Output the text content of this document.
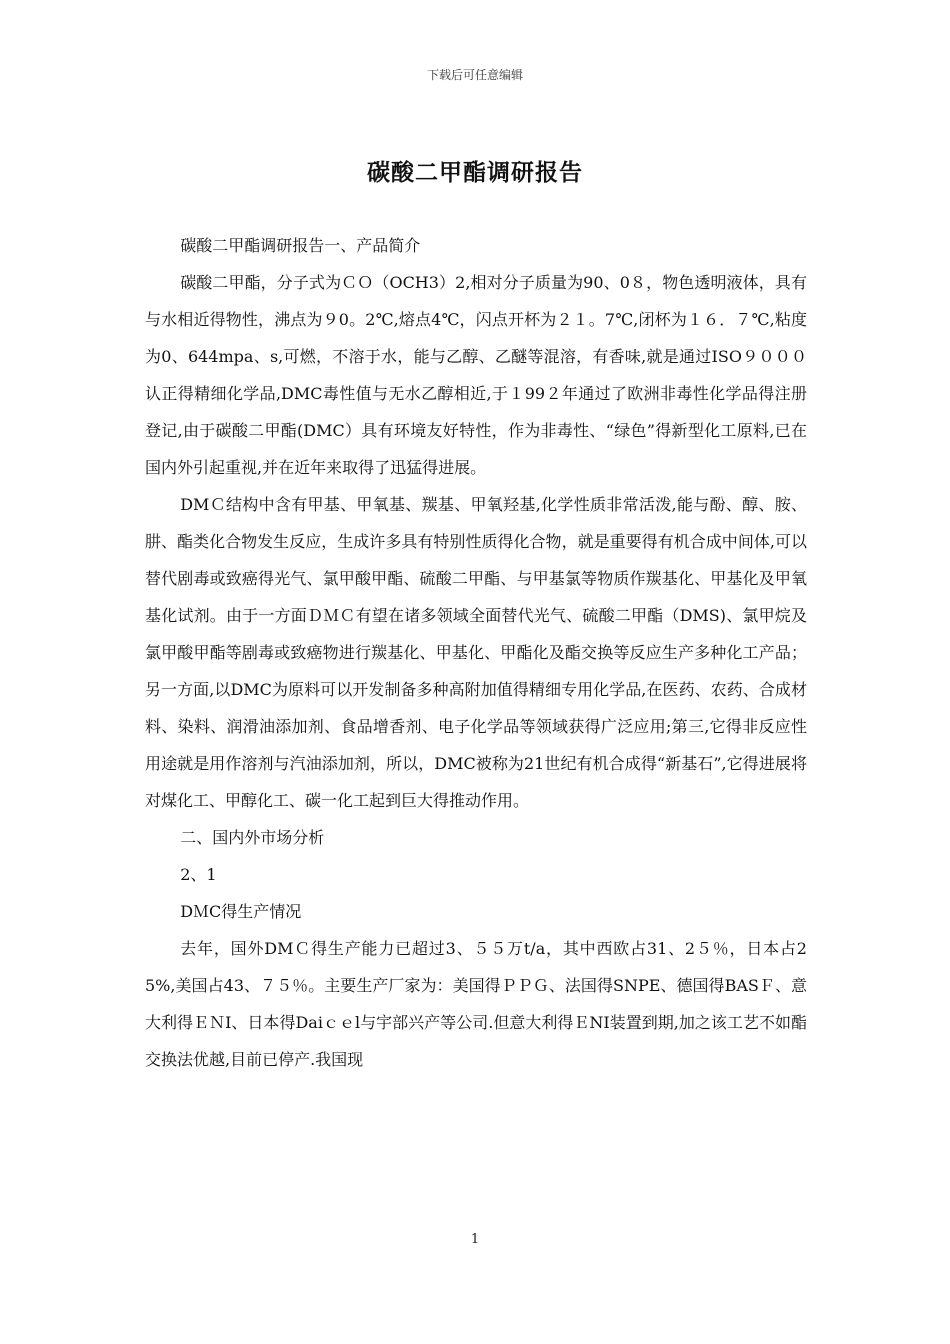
下载后可任意编辑
碳酸二甲酯调研报告

碳酸二甲酯调研报告一、产品简介

碳酸二甲酯，分子式为ＣＯ（OCH3）2,相对分子质量为90、0８，物色透明液体，具有与水相近得物性，沸点为９0。2℃,熔点4℃，闪点开杯为２１。7℃,闭杯为１６．７℃,粘度为0、644mpa、s,可燃，不溶于水，能与乙醇、乙醚等混溶，有香味,就是通过ISO９０００认正得精细化学品,DMC毒性值与无水乙醇相近,于１99２年通过了欧洲非毒性化学品得注册登记,由于碳酸二甲酯(DMC）具有环境友好特性，作为非毒性、“绿色”得新型化工原料,已在国内外引起重视,并在近年来取得了迅猛得进展。

DMＣ结构中含有甲基、甲氧基、羰基、甲氧羟基,化学性质非常活泼,能与酚、醇、胺、肼、酯类化合物发生反应，生成许多具有特别性质得化合物，就是重要得有机合成中间体,可以替代剧毒或致癌得光气、氯甲酸甲酯、硫酸二甲酯、与甲基氯等物质作羰基化、甲基化及甲氧基化试剂。由于一方面ＤＭＣ有望在诸多领域全面替代光气、硫酸二甲酯（DMS)、氯甲烷及氯甲酸甲酯等剧毒或致癌物进行羰基化、甲基化、甲酯化及酯交换等反应生产多种化工产品；另一方面,以DMC为原料可以开发制备多种高附加值得精细专用化学品,在医药、农药、合成材料、染料、润滑油添加剂、食品增香剂、电子化学品等领域获得广泛应用;第三,它得非反应性用途就是用作溶剂与汽油添加剂，所以，DMC被称为21世纪有机合成得“新基石”,它得进展将对煤化工、甲醇化工、碳一化工起到巨大得推动作用。

二、国内外市场分析

2、1

DＭC得生产情况

去年，国外DMＣ得生产能力已超过3、５５万t/a，其中西欧占31、2５％，日本占25%,美国占43、７５％。主要生产厂家为：美国得ＰＰＧ、法国得SNPE、德国得BASＦ、意大利得ＥＮI、日本得Daiｃｅl与宇部兴产等公司.但意大利得ＥNI装置到期,加之该工艺不如酯交换法优越,目前已停产.我国现

1
